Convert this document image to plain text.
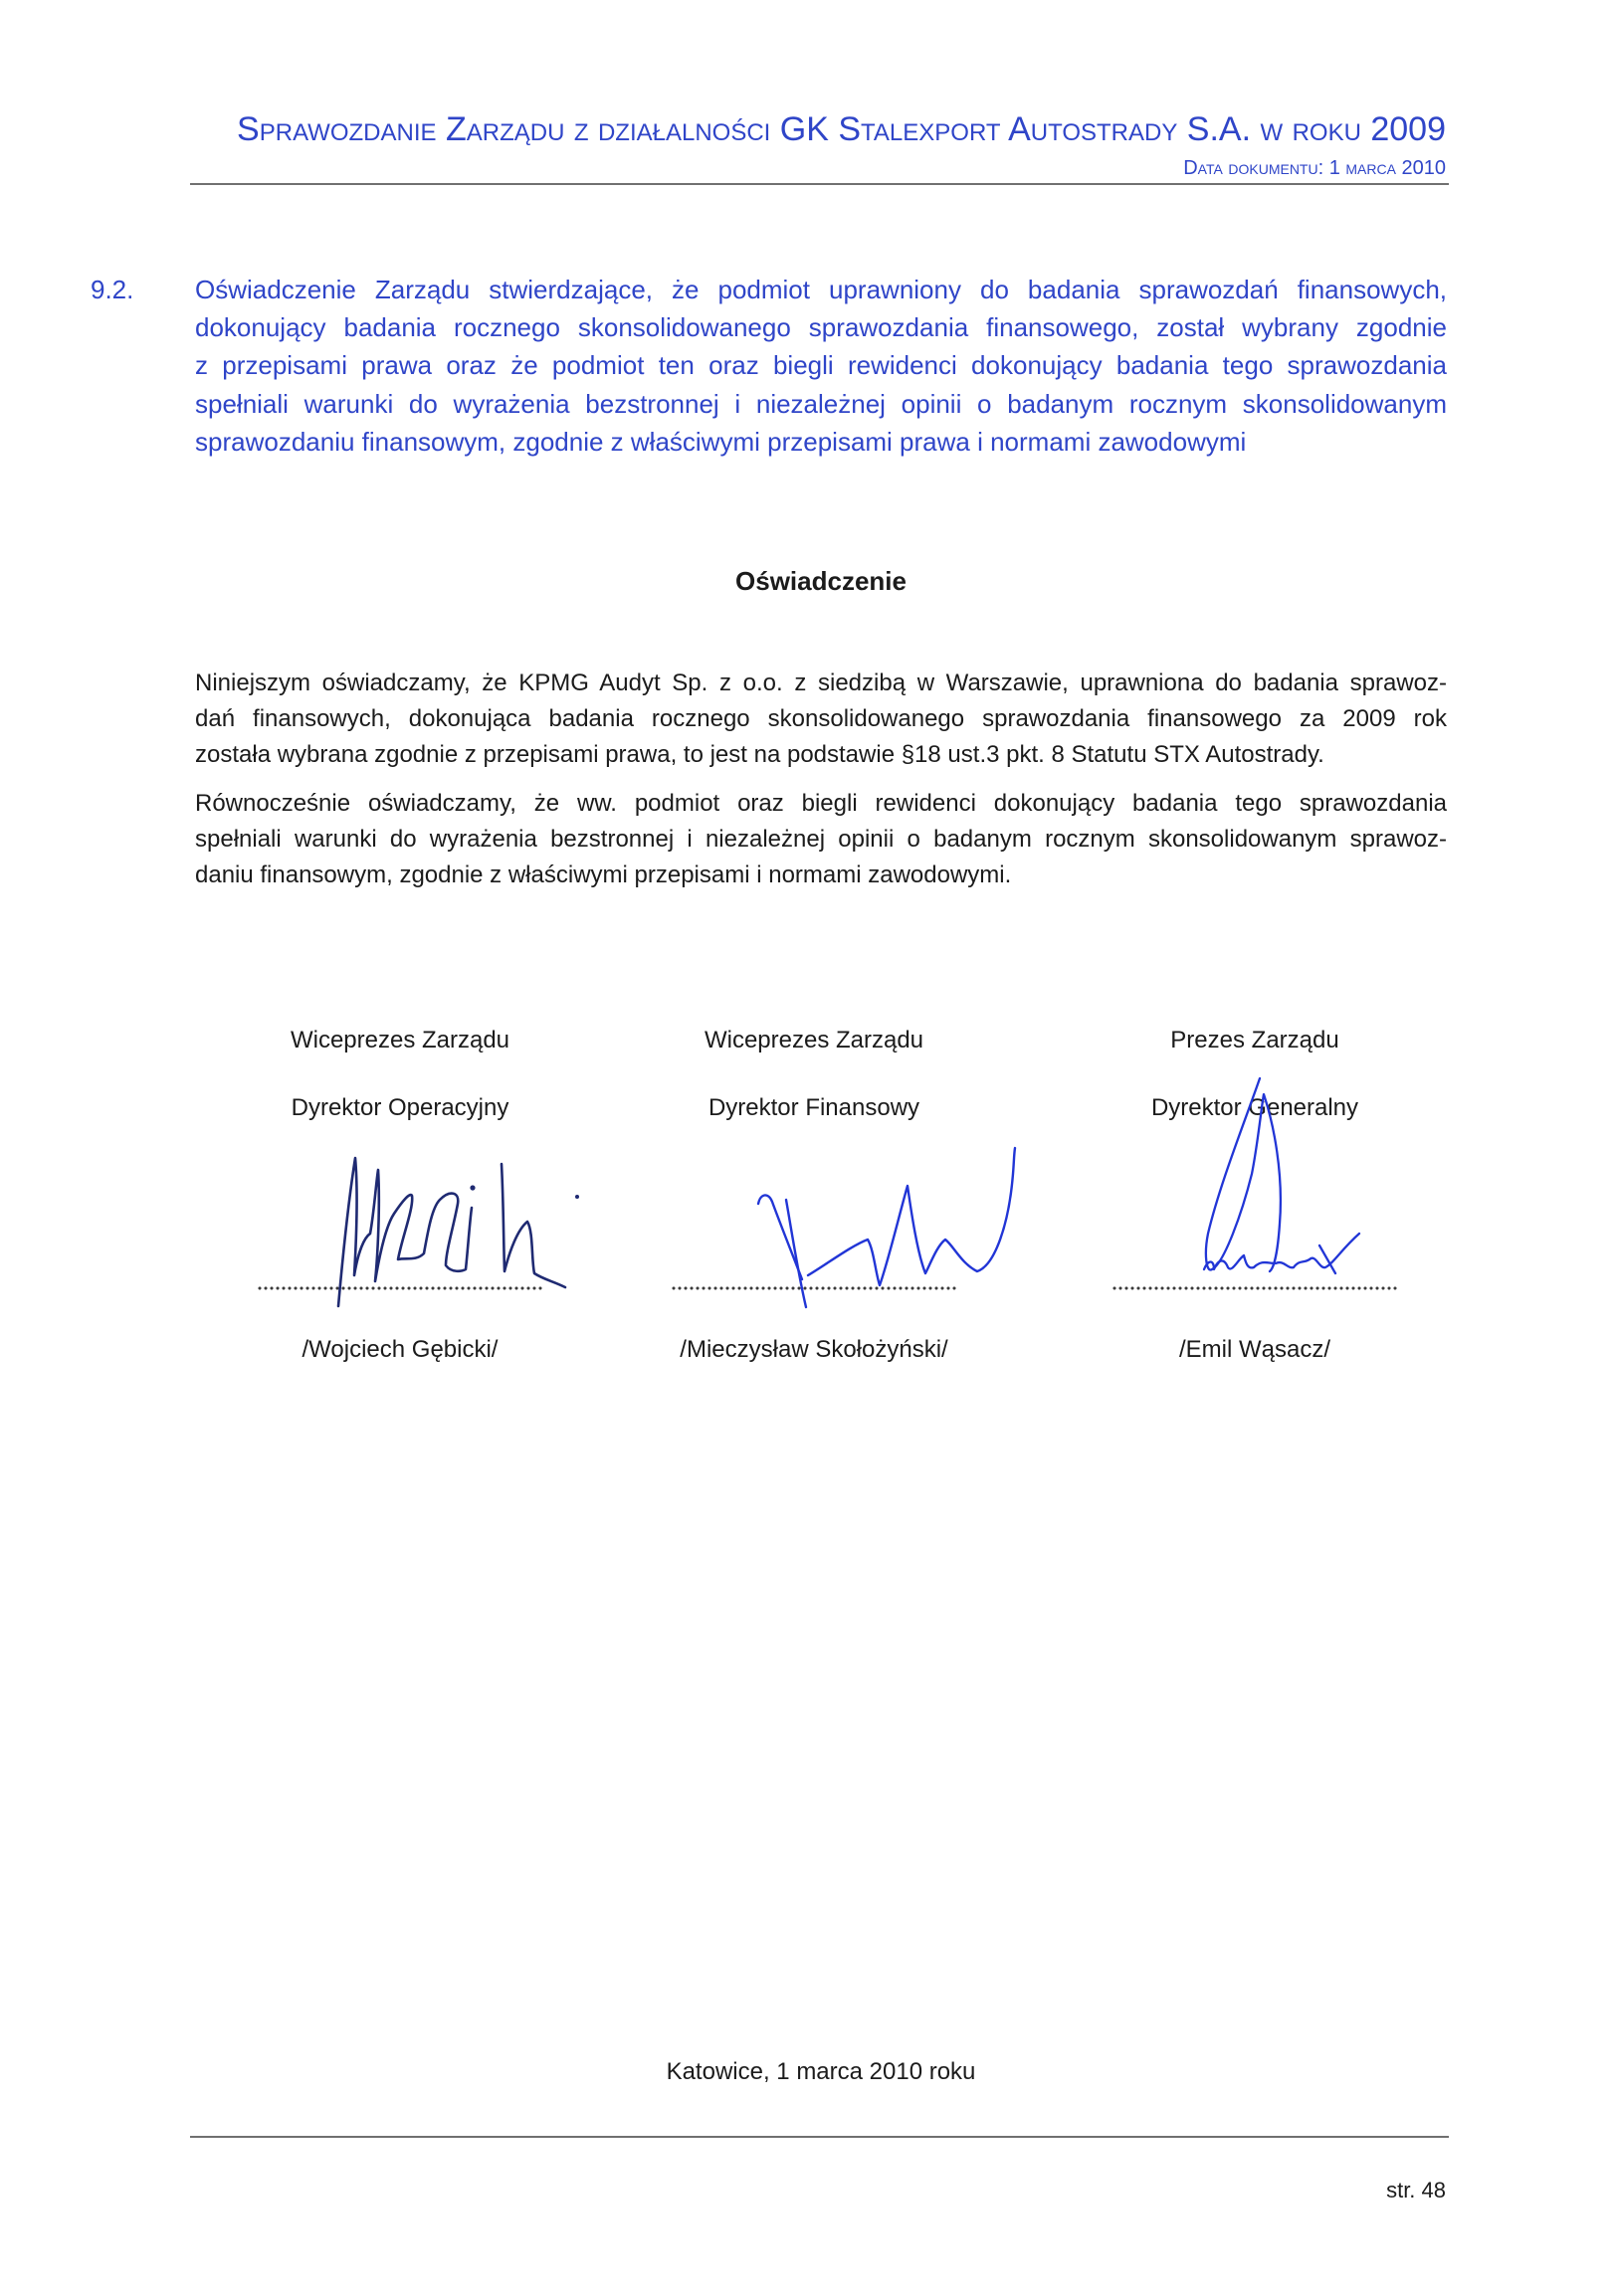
Sprawozdanie Zarządu z działalności GK Stalexport Autostrady S.A. w roku 2009
Data dokumentu: 1 marca 2010
9.2. Oświadczenie Zarządu stwierdzające, że podmiot uprawniony do badania sprawozdań finansowych,
dokonujący badania rocznego skonsolidowanego sprawozdania finansowego, został wybrany zgodnie
z przepisami prawa oraz że podmiot ten oraz biegli rewidenci dokonujący badania tego sprawozdania
spełniali warunki do wyrażenia bezstronnej i niezależnej opinii o badanym rocznym skonsolidowanym
sprawozdaniu finansowym, zgodnie z właściwymi przepisami prawa i normami zawodowymi
Oświadczenie
Niniejszym oświadczamy, że KPMG Audyt Sp. z o.o. z siedzibą w Warszawie, uprawniona do badania sprawoz-
dań finansowych, dokonująca badania rocznego skonsolidowanego sprawozdania finansowego za 2009 rok
została wybrana zgodnie z przepisami prawa, to jest na podstawie §18 ust.3 pkt. 8 Statutu STX Autostrady.
Równocześnie oświadczamy, że ww. podmiot oraz biegli rewidenci dokonujący badania tego sprawozdania
spełniali warunki do wyrażenia bezstronnej i niezależnej opinii o badanym rocznym skonsolidowanym sprawoz-
daniu finansowym, zgodnie z właściwymi przepisami i normami zawodowymi.
Wiceprezes Zarządu
Dyrektor Operacyjny
/Wojciech Gębicki/
Wiceprezes Zarządu
Dyrektor Finansowy
/Mieczysław Skołożyński/
Prezes Zarządu
Dyrektor Generalny
/Emil Wąsacz/
Katowice, 1 marca 2010 roku
str. 48
